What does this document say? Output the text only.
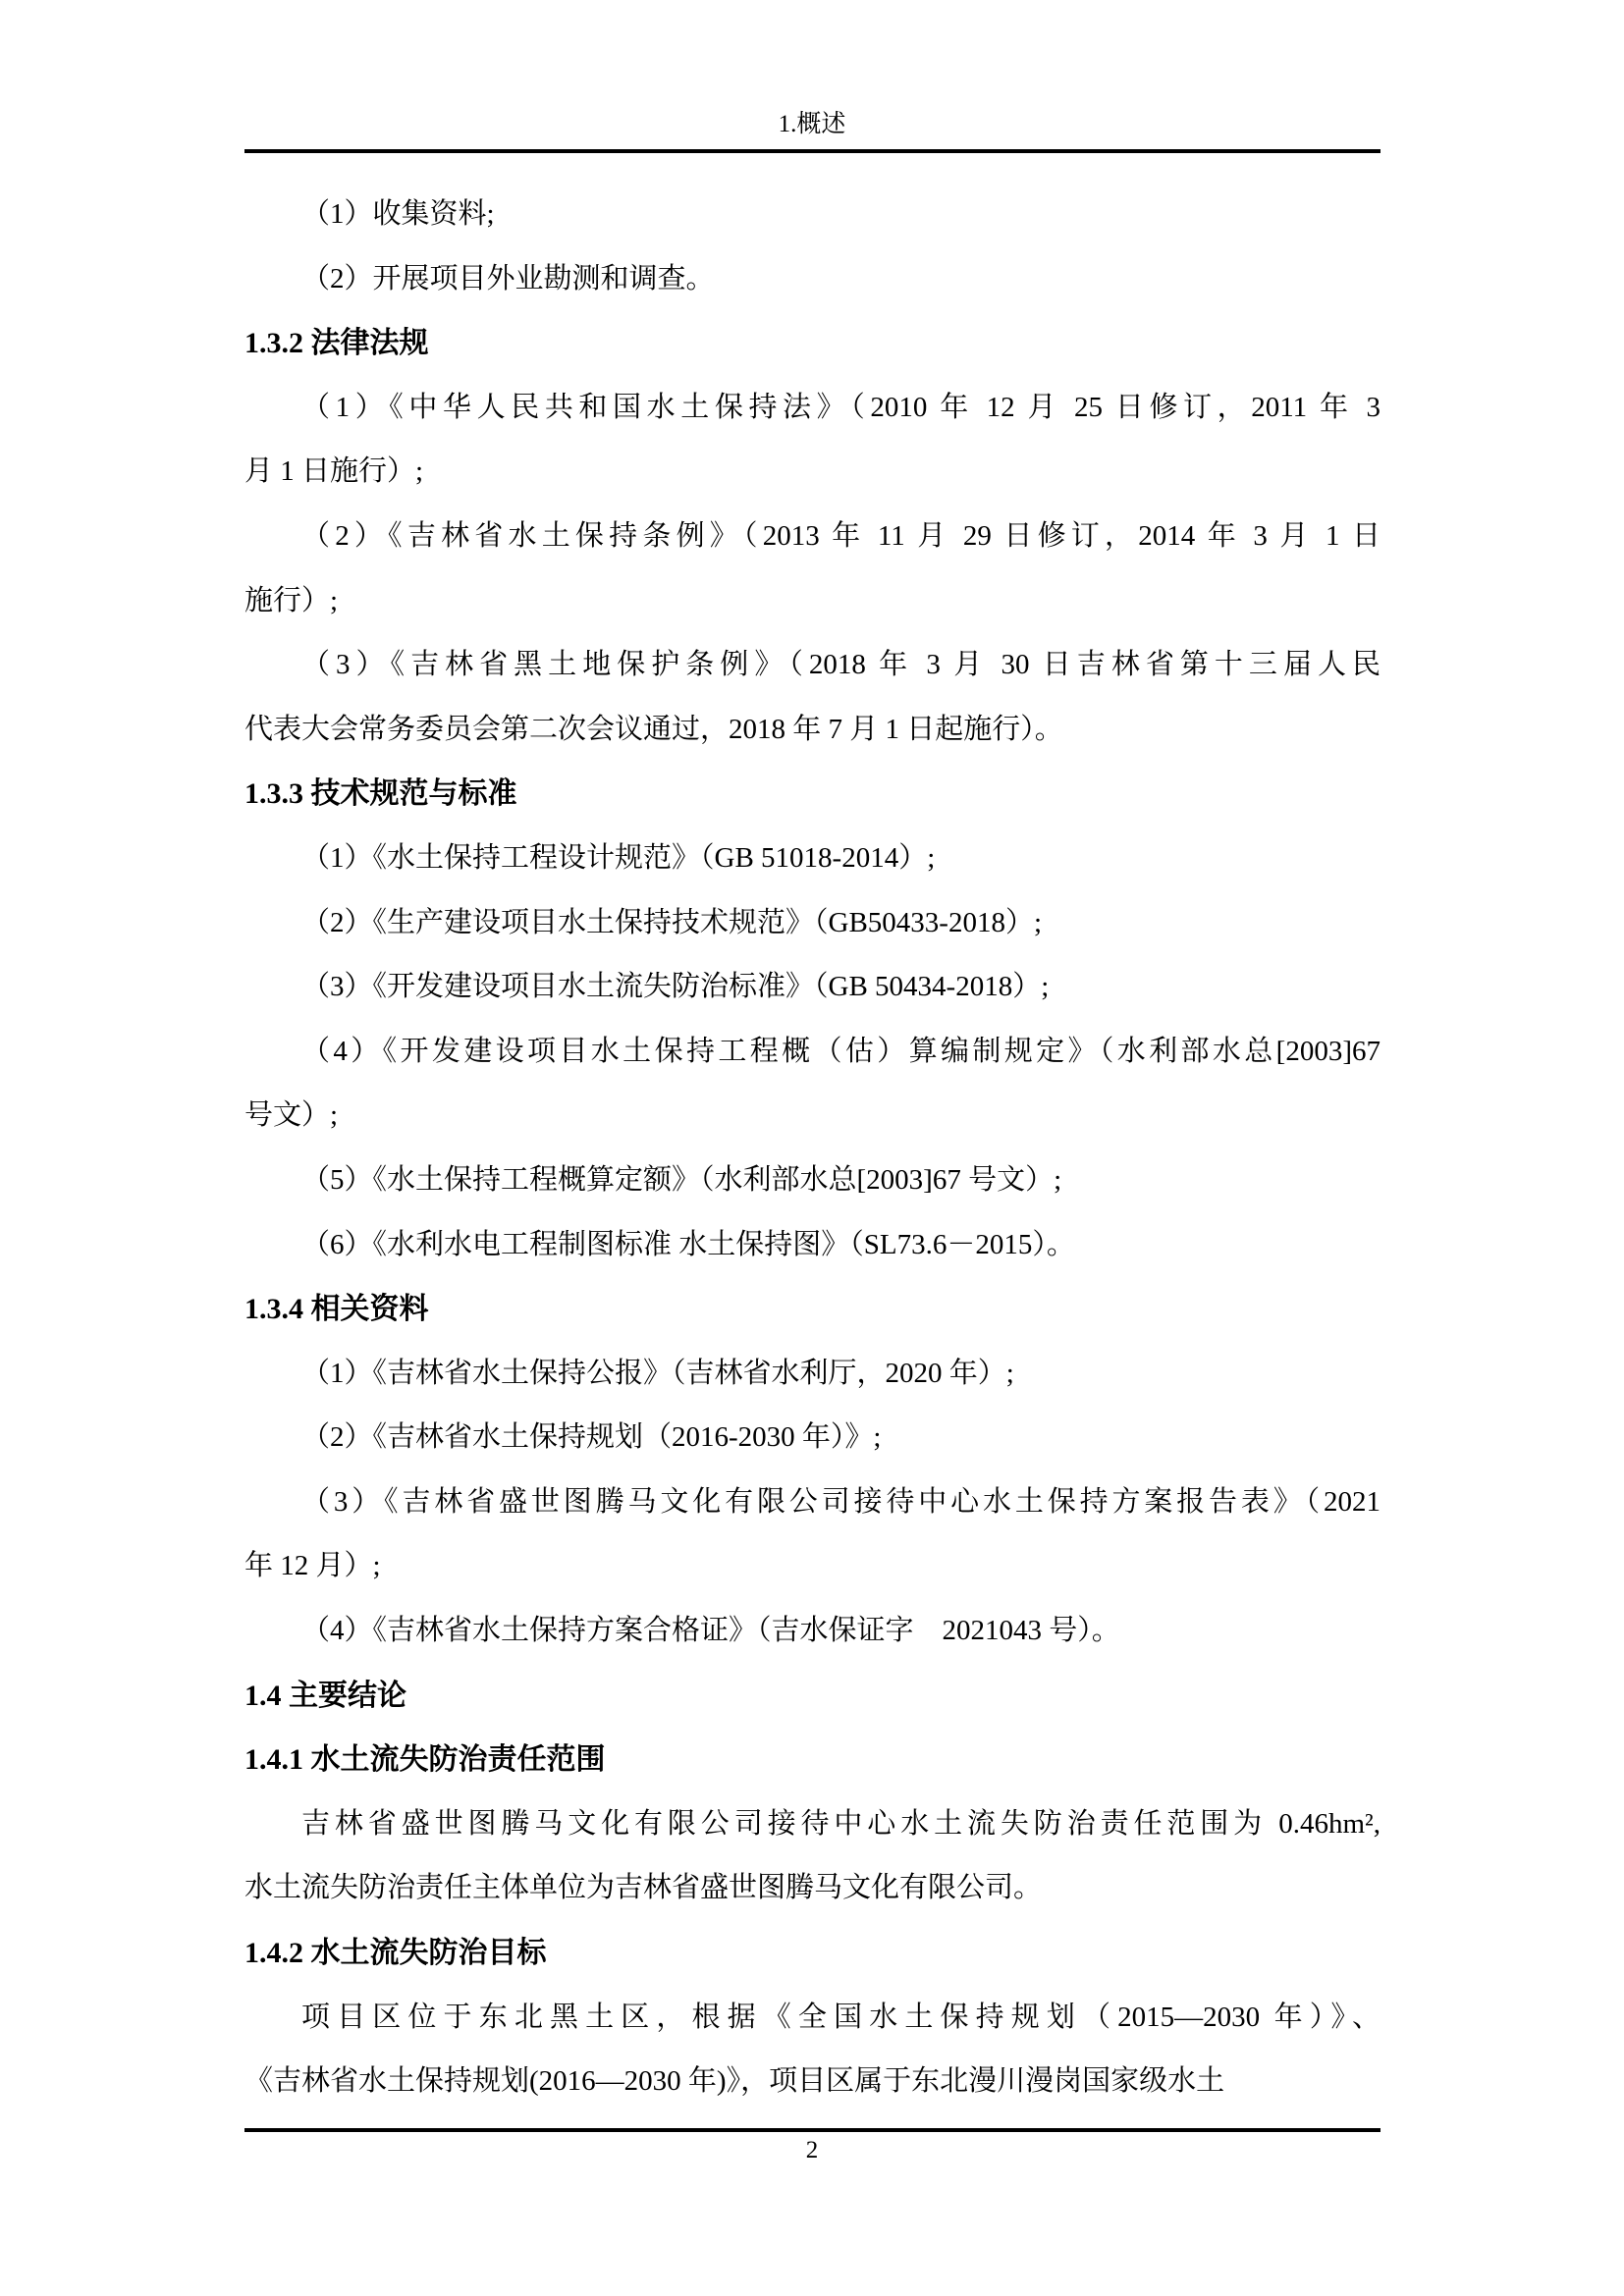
1.概述
（1）收集资料;
（2）开展项目外业勘测和调查。
1.3.2 法律法规
（1）《中华人民共和国水土保持法》（2010 年 12 月 25 日修订，2011 年 3
月 1 日施行）;
（2）《吉林省水土保持条例》（2013 年 11 月 29 日修订，2014 年 3 月 1 日
施行）;
（3）《吉林省黑土地保护条例》（2018 年 3 月 30 日吉林省第十三届人民
代表大会常务委员会第二次会议通过，2018 年 7 月 1 日起施行）。
1.3.3 技术规范与标准
（1）《水土保持工程设计规范》（GB 51018-2014）;
（2）《生产建设项目水土保持技术规范》（GB50433-2018）;
（3）《开发建设项目水土流失防治标准》（GB 50434-2018）;
（4）《开发建设项目水土保持工程概（估）算编制规定》（水利部水总[2003]67
号文）;
（5）《水土保持工程概算定额》（水利部水总[2003]67 号文）;
（6）《水利水电工程制图标准 水土保持图》（SL73.6－2015）。
1.3.4 相关资料
（1）《吉林省水土保持公报》（吉林省水利厅，2020 年）;
（2）《吉林省水土保持规划（2016-2030 年）》;
（3）《吉林省盛世图腾马文化有限公司接待中心水土保持方案报告表》（2021
年 12 月）;
（4）《吉林省水土保持方案合格证》（吉水保证字　2021043 号）。
1.4 主要结论
1.4.1 水土流失防治责任范围
吉林省盛世图腾马文化有限公司接待中心水土流失防治责任范围为 0.46hm²,
水土流失防治责任主体单位为吉林省盛世图腾马文化有限公司。
1.4.2 水土流失防治目标
项目区位于东北黑土区，根据《全国水土保持规划（2015—2030 年）》、
《吉林省水土保持规划(2016—2030 年)》，项目区属于东北漫川漫岗国家级水土
2
